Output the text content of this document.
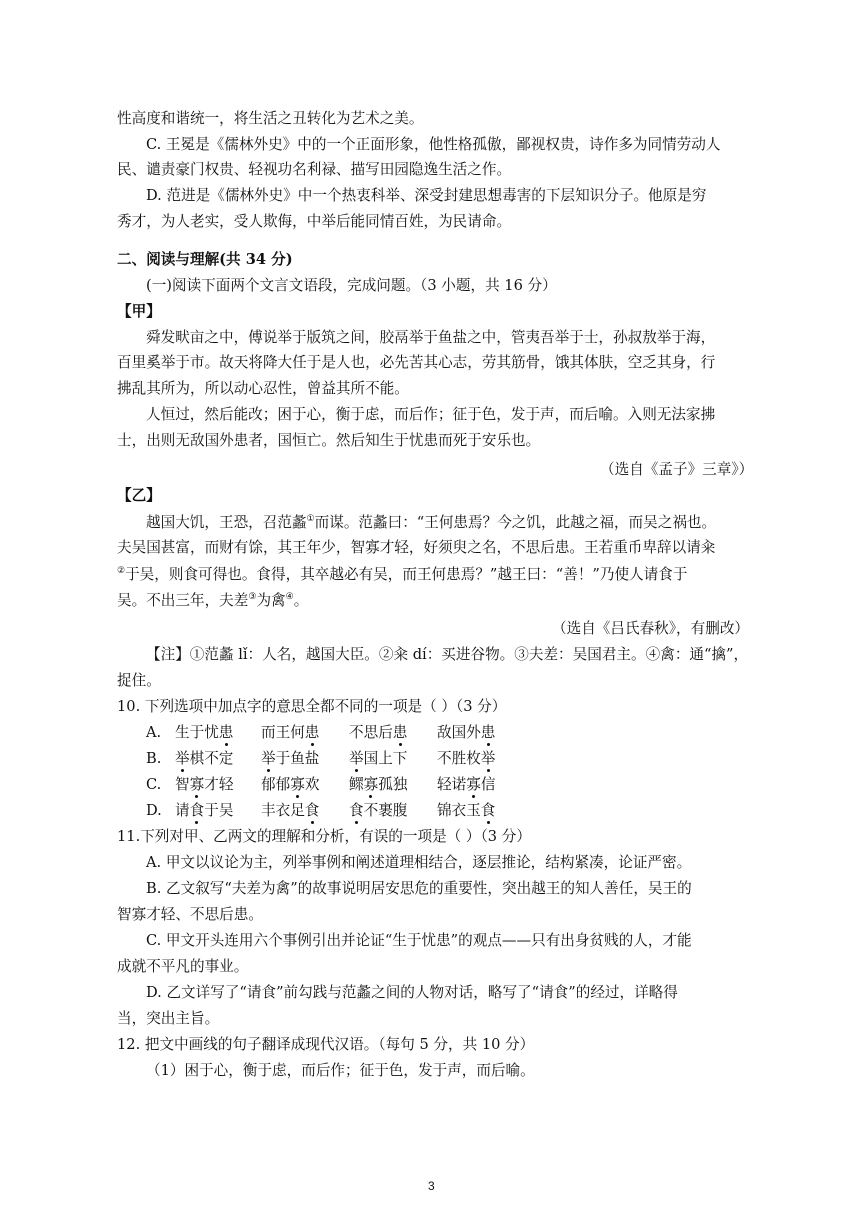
性高度和谐统一，将生活之丑转化为艺术之美。
C. 王冕是《儒林外史》中的一个正面形象，他性格孤傲，鄙视权贵，诗作多为同情劳动人
民、谴责豪门权贵、轻视功名利禄、描写田园隐逸生活之作。
D. 范进是《儒林外史》中一个热衷科举、深受封建思想毒害的下层知识分子。他原是穷
秀才，为人老实，受人欺侮，中举后能同情百姓，为民请命。
二、阅读与理解(共 34 分)
(一)阅读下面两个文言文语段，完成问题。（3 小题，共 16 分）
【甲】
舜发畎亩之中，傅说举于版筑之间，胶鬲举于鱼盐之中，管夷吾举于士，孙叔敖举于海，
百里奚举于市。故天将降大任于是人也，必先苦其心志，劳其筋骨，饿其体肤，空乏其身，行
拂乱其所为，所以动心忍性，曾益其所不能。
人恒过，然后能改；困于心，衡于虑，而后作；征于色，发于声，而后喻。入则无法家拂
士，出则无敌国外患者，国恒亡。然后知生于忧患而死于安乐也。
（选自《孟子》三章》）
【乙】
越国大饥，王恐，召范蠡①而谋。范蠡曰：“王何患焉？今之饥，此越之福，而吴之祸也。
夫吴国甚富，而财有馀，其王年少，智寡才轻，好须臾之名，不思后患。王若重币卑辞以请籴
②于吴，则食可得也。食得，其卒越必有吴，而王何患焉？”越王曰：“善！”乃使人请食于
吴。不出三年，夫差③为禽④。
（选自《吕氏春秋》，有删改）
【注】①范蠡 lǐ：人名，越国大臣。②籴 dí：买进谷物。③夫差：吴国君主。④禽：通“擒”，
捉住。
10. 下列选项中加点字的意思全都不同的一项是（ ）（3 分）
A. 生于忧患 而王何患 不思后患 敌国外患
B. 举棋不定 举于鱼盐 举国上下 不胜枚举
C. 智寡才轻 郁郁寡欢 鳏寡孤独 轻诺寡信
D. 请食于吴 丰衣足食 食不裹腹 锦衣玉食
11.下列对甲、乙两文的理解和分析，有误的一项是（ ）（3 分）
A. 甲文以议论为主，列举事例和阐述道理相结合，逐层推论，结构紧凑，论证严密。
B. 乙文叙写“夫差为禽”的故事说明居安思危的重要性，突出越王的知人善任，吴王的
智寡才轻、不思后患。
C. 甲文开头连用六个事例引出并论证“生于忧患”的观点——只有出身贫贱的人，才能
成就不平凡的事业。
D. 乙文详写了“请食”前勾践与范蠡之间的人物对话，略写了“请食”的经过，详略得
当，突出主旨。
12. 把文中画线的句子翻译成现代汉语。（每句 5 分，共 10 分）
（1）困于心，衡于虑，而后作；征于色，发于声，而后喻。
3
